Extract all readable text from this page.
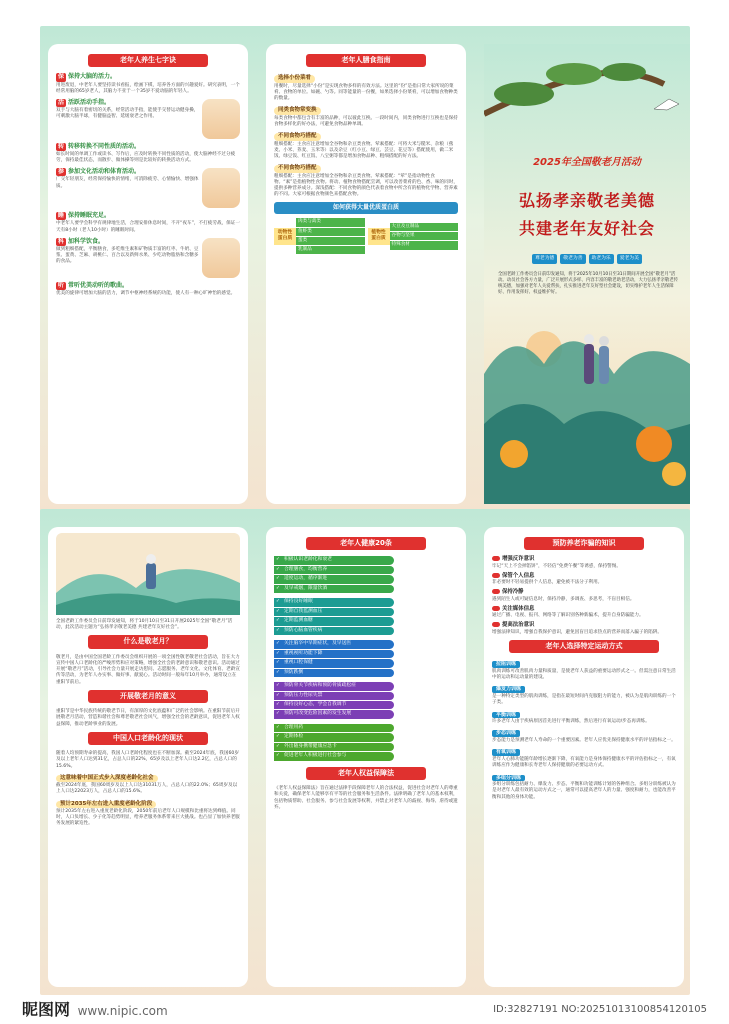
老年人养生七字诀
保 保持大脑的活力。
用进废退，中老年人要坚持读书看报，绘画下棋，培养各方面的兴趣爱好。研究表明，一个经常用脑的65岁老人，其脑力不亚于一个35岁不爱动脑的年轻人。
活 活跃活动手指。
双手与大脑有着密切的关系，经常活动手指，能使手交替运动健身操，可刺激大脑半球，有健脑益智、延缓衰老之作用。
转 转移转换不同性质的活动。
如长时间的单调工作或读书、写作后，应及时转换不同性质的活动，使大脑神经不过分疲劳，保持最佳状态，而散步、做体操等则是比较好的转换活动方式。
参 参加文化活动和体育活动。
广交年轻朋友，经常保持愉快的情绪，可消除疲劳、心情愉快、增强体质。
睡 保持睡眠充足。
中老年人要学会科学有规律地生活，合理安排休息时间，不开“夜车”，不打疲劳战，保证一天有8小时（老人10小时）的睡眠时间。
科 加科学饮食。
做到粗细搭配，平衡膳食，多吃维生素和矿物质丰富的红枣、牛奶、豆浆、蛋黄、芝麻、胡桃仁、百合以及新鲜水果、少吃动物脂肪和含糖多的食品。
听 常听优美动听的歌曲。
优美的旋律可增加大脑的活力，调节中枢神经系统的功能，使人有一种心旷神怡的感觉。
老年人膳食指南
选择小份菜肴
用餐时，尽量选择“小份”是实现食物多样的有效方法。这里的“份”是指日常大家所说的菜肴、食物的单位。如碗、勺等。同等能量的一份餐，如果选择小份菜肴，可以增加食物种类的数量。
同类食物常变换
每类食物中都包含有丰富的品种，可以彼此互换。一段时间内，同类食物进行互换也是保持食物多样化的好办法，可避免食物品种单调。
不同食物巧搭配
粗细搭配：主食应注意增加全谷物和杂豆类食物。荤素搭配：可将大米与糙米、杂粮（燕麦、小米、荞麦、玉米等）以及杂豆（红小豆、绿豆、芸豆、花豆等）搭配使用，做二米饭、绿豆饭、红豆饭、八宝粥等都是增加食物品种、粗细搭配的好方法。
不同食物巧搭配
粗细搭配：主食应注意增加全谷物和杂豆类食物。荤素搭配：“荤”是指动物性食物。“素”是指植物性食物。将动、植物食物搭配烹调，可以改善菜肴的色、香、味的同时，提供多种营养成分。深浅搭配：不同食物的颜色代表着食物中所含有的植物化学物、营养素的不同。大家可根据食物颜色来搭配食物。
如何获得大量优质蛋白质
动物性蛋白质
肉类与禽类
鱼虾类
蛋类
乳制品
植物性蛋白质
大豆及豆制品
谷物与坚果
特殊食材
2025年全国敬老月活动
弘扬孝亲敬老美德
共建老年友好社会
尊老为德	敬老为善	助老为乐	爱老为美
全国老龄工作委员会日前印发通知，将于2025年10月10日至31日期间开展全国“敬老月”活动。动员社会各方力量，广泛开展形式多样、内容丰富的敬老助老活动，大力弘扬孝亲敬老传统美德，加强对老年人关爱帮扶，扎实推进老年友好型社会建设，切实维护老年人生活保障好、作用发挥好、权益维护好。
全国老龄工作委员会日前印发通知，将于10月10日至31日开展2025年全国“敬老月”活动，此次活动主题为“弘扬孝亲敬老美德 共建老年友好社会”。
什么是敬老月？
敬老月，是由中国全国老龄工作委员会组织开展的一项全国性敬老敬老社会活动，旨在大力宣传中国人口老龄化的严峻形势和应对策略，增强全社会的老龄意识和敬老意识。活动通过开展“敬老月”活动，引导社会力量开展走访慰问、志愿服务、老年文化、文化体育、老龄宣传等活动，为老年人办实事、做好事、献爱心。活动时间一般每年10月举办，通常设立在重阳节前后。
开展敬老月的意义
重阳节是中华民族传统的敬老节日，有深厚的文化底蕴和广泛的社会影响。在重阳节前后开展敬老月活动，营造和谐社会和尊老敬老社会风气，增强全社会的老龄意识，促进老年人权益保障，推动老龄事业的发展。
中国人口老龄化的现状
随着人均预期寿命的提高，我国人口老龄化程度也在不断加深。截至2024年底，我国60岁及以上老年人口达到31亿，占总人口的22%，65岁及以上老年人口达2.2亿，占总人口的15.6%。
这意味着中国正式步入深度老龄化社会
截至2024年底，我国60周岁及以上人口达31031万人，占总人口的22.0%；65周岁及以上人口达22023万人，占总人口的15.6%。
预计2035年左右进入重度老龄化阶段
预计2035年左右进入重度老龄化阶段，2050年前后老年人口规模和比重将达到峰值。同时，人口负增长、少子化等趋势明显，给养老服务体系带来巨大挑战。也凸显了加快养老服务发展的紧迫性。
老年人健康20条
✓ 积极认识老龄化和衰老
✓ 合理膳食，均衡营养
✓ 适度运动，循序渐进
✓ 及早戒烟，限量饮酒
✓ 保持良好睡眠
✓ 定期自我监测血压
✓ 定期监测血糖
✓ 预防心脑血管疾病
✓ 关注脑卒中早期症状，及早送医
✓ 重视视听功能下降
✓ 重视口腔保健
✓ 预防跌倒
✓ 预防骨关节疾病和预防骨质疏松症
✓ 预防压力性尿失禁
✓ 保持良好心态，学会自我调节
✓ 预防可改变危险因素的发生发展
✓ 合理用药
✓ 定期体检
✓ 外出随身携带健康应急卡
✓ 促进老年人积极进行社会参与
老年人权益保障法
《老年人权益保障法》旨在通过法律手段保障老年人的合法权益，促进社会对老年人的尊重和关爱，确保老年人能够享有平等的社会服务和生活条件。法律明确了老年人的基本权利，包括物质帮助、社会服务、参与社会发展等权利，并禁止对老年人的歧视、侮辱、虐待或遗弃。
预防养老诈骗的知识
增强反诈意识
牢记“天上不会掉馅饼”，不轻信“免费午餐”等诱惑，保持警惕。
保管个人信息
非必要时不轻易提供个人信息，避免被不法分子利用。
保持冷静
遇到陌生人或可疑信息时，保持冷静，多调查、多思考，不盲目相信。
关注媒体信息
通过广播、电视、报刊、网络等了解识别各种新骗术，提升自身防骗能力。
提高法治意识
增强法律知识，增强自我保护意识，避免因盲目追求热点的营养而落入骗子的陷阱。
老年人选择特定运动方式
拉阻训练
肌肉训练可改善肌肉力量和质量，是使老年人获益的重要运动形式之一。但需注意日常生活中的运动和运动量的建设。
爆发力训练
是一种特定类型的肌肉训练，是指在最短时间内克服阻力的能力，被认为是肌肉训练的一个子类。
平衡训练
许多老年人由于疾病原因首先进行平衡训练，然后进行有氧运动/步态再训练。
步态训练
步态能力是预测老年人寿命的一个重要因素。老年人应优先保持健康水平的评估指标之一。
有氧训练
老年人心肺功能随年龄增长逐渐下降，有氧能力是身体保持健康水平的评估指标之一，有氧训练应作为健康和长寿老年人保持健康的必要运动方式。
多组分训练
多组分训练包括耐力、爆发力、步态、平衡和功能训练计划的各种组合。多组分训练被认为是对老年人最有效的运动方式之一，通常可以提高老年人的力量、强度和耐力，也能改善平衡和其他的身体功能。
昵图网 www.nipic.com	ID:32827191 NO:20251013100854120105
